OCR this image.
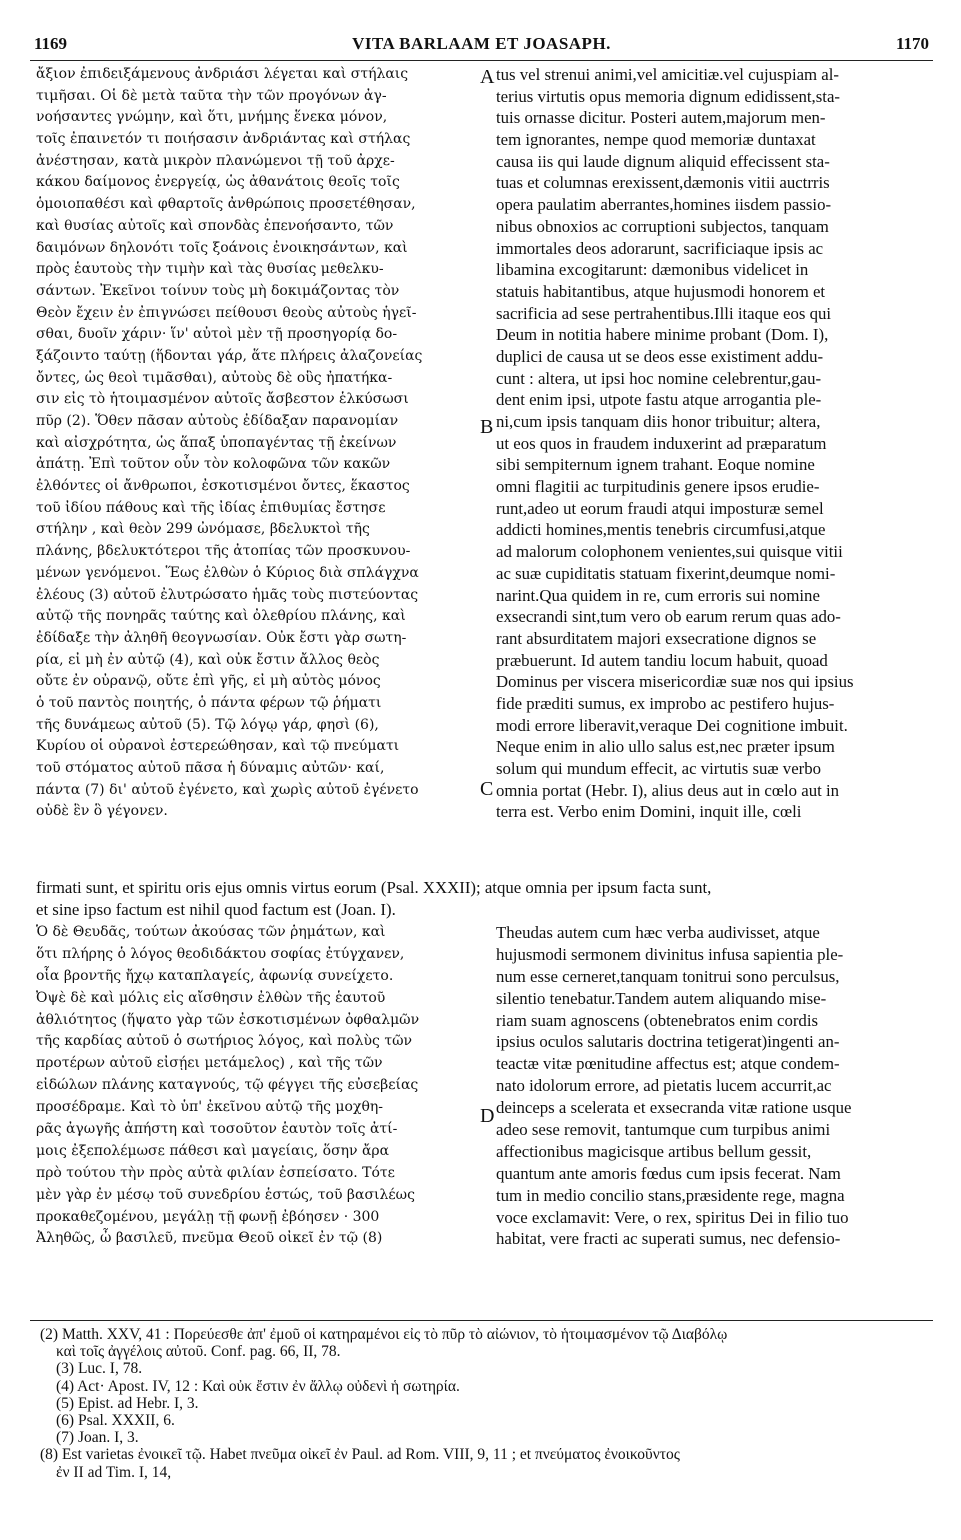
1169	VITA BARLAAM ET JOASAPH.	1170
ἄξιον ἐπιδειξάμενους ἀνδριάσι λέγεται καὶ στήλαις
τιμῆσαι. Οἱ δὲ μετὰ ταῦτα τὴν τῶν προγόνων ἀγ-
νοήσαντες γνώμην, καὶ ὅτι, μνήμης ἕνεκα μόνον,
τοῖς ἐπαινετόν τι ποιήσασιν ἀνδριάντας καὶ στήλας
ἀνέστησαν, κατὰ μικρὸν πλανώμενοι τῇ τοῦ ἀρχε-
κάκου δαίμονος ἐνεργείᾳ, ὡς ἀθανάτοις θεοῖς τοῖς
ὁμοιοπαθέσι καὶ φθαρτοῖς ἀνθρώποις προσετέθησαν,
καὶ θυσίας αὐτοῖς καὶ σπονδὰς ἐπενοήσαντο, τῶν
δαιμόνων δηλονότι τοῖς ξοάνοις ἐνοικησάντων, καὶ
πρὸς ἑαυτοὺς τὴν τιμὴν καὶ τὰς θυσίας μεθελκυ-
σάντων. Ἐκεῖνοι τοίνυν τοὺς μὴ δοκιμάζοντας τὸν
Θεὸν ἔχειν ἐν ἐπιγνώσει πείθουσι θεοὺς αὐτοὺς ἡγεῖ-
σθαι, δυοῖν χάριν· ἵν' αὐτοὶ μὲν τῇ προσηγορίᾳ δο-
ξάζοιντο ταύτῃ (ἥδονται γάρ, ἅτε πλήρεις ἀλαζονείας
ὄντες, ὡς θεοὶ τιμᾶσθαι), αὐτοὺς δὲ οὓς ἠπατήκα-
σιν εἰς τὸ ἡτοιμασμένον αὐτοῖς ἄσβεστον ἑλκύσωσι
πῦρ (2). Ὅθεν πᾶσαν αὐτοὺς ἐδίδαξαν παρανομίαν
καὶ αἰσχρότητα, ὡς ἅπαξ ὑποπαγέντας τῇ ἐκείνων
ἀπάτῃ. Ἐπὶ τοῦτον οὖν τὸν κολοφῶνα τῶν κακῶν
ἐλθόντες οἱ ἄνθρωποι, ἐσκοτισμένοι ὄντες, ἕκαστος
τοῦ ἰδίου πάθους καὶ τῆς ἰδίας ἐπιθυμίας ἔστησε
στήλην , καὶ θεὸν 299 ὠνόμασε, βδελυκτοὶ τῆς
πλάνης, βδελυκτότεροι τῆς ἀτοπίας τῶν προσκυνου-
μένων γενόμενοι. Ἕως ἐλθὼν ὁ Κύριος διὰ σπλάγχνα
ἐλέους (3) αὐτοῦ ἐλυτρώσατο ἡμᾶς τοὺς πιστεύοντας
αὐτῷ τῆς πονηρᾶς ταύτης καὶ ὀλεθρίου πλάνης, καὶ
ἐδίδαξε τὴν ἀληθῆ θεογνωσίαν. Οὐκ ἔστι γὰρ σωτη-
ρία, εἰ μὴ ἐν αὐτῷ (4), καὶ οὐκ ἔστιν ἄλλος θεὸς
οὔτε ἐν οὐρανῷ, οὔτε ἐπὶ γῆς, εἰ μὴ αὐτὸς μόνος
ὁ τοῦ παντὸς ποιητής, ὁ πάντα φέρων τῷ ῥήματι
τῆς δυνάμεως αὐτοῦ (5). Τῷ λόγῳ γάρ, φησὶ (6),
Κυρίου οἱ οὐρανοὶ ἐστερεώθησαν, καὶ τῷ πνεύματι
τοῦ στόματος αὐτοῦ πᾶσα ἡ δύναμις αὐτῶν· καί,
πάντα (7) δι' αὐτοῦ ἐγένετο, καὶ χωρὶς αὐτοῦ ἐγένετο
οὐδὲ ἓν ὃ γέγονεν.
tus vel strenui animi,vel amicitiæ.vel cujuspiam al-
terius virtutis opus memoria dignum edidissent,sta-
tuis ornasse dicitur. Posteri autem,majorum men-
tem ignorantes, nempe quod memoriæ duntaxat
causa iis qui laude dignum aliquid effecissent sta-
tuas et columnas erexissent,dæmonis vitii auctrris
opera paulatim aberrantes,homines iisdem passio-
nibus obnoxios ac corruptioni subjectos, tanquam
immortales deos adorarunt, sacrificiaque ipsis ac
libamina excogitarunt: dæmonibus videlicet in
statuis habitantibus, atque hujusmodi honorem et
sacrificia ad sese pertrahentibus.Illi itaque eos qui
Deum in notitia habere minime probant (Dom. I),
duplici de causa ut se deos esse existiment addu-
cunt : altera, ut ipsi hoc nomine celebrentur,gau-
dent enim ipsi, utpote fastu atque arrogantia ple-
ni,cum ipsis tanquam diis honor tribuitur; altera,
ut eos quos in fraudem induxerint ad præparatum
sibi sempiternum ignem trahant. Eoque nomine
omni flagitii ac turpitudinis genere ipsos erudie-
runt,adeo ut eorum fraudi atqui imposturæ semel
addicti homines,mentis tenebris circumfusi,atque
ad malorum colophonem venientes,sui quisque vitii
ac suæ cupiditatis statuam fixerint,deumque nomi-
narint.Qua quidem in re, cum erroris sui nomine
exsecrandi sint,tum vero ob earum rerum quas ado-
rant absurditatem majori exsecratione dignos se
præbuerunt. Id autem tandiu locum habuit, quoad
Dominus per viscera misericordiæ suæ nos qui ipsius
fide præditi sumus, ex improbo ac pestifero hujus-
modi errore liberavit,veraque Dei cognitione imbuit.
Neque enim in alio ullo salus est,nec præter ipsum
solum qui mundum effecit, ac virtutis suæ verbo
omnia portat (Hebr. I), alius deus aut in cœlo aut in
terra est. Verbo enim Domini, inquit ille, cœli
A
B
C
D
firmati sunt, et spiritu oris ejus omnis virtus eorum (Psal. XXXII); atque omnia per ipsum facta sunt,
et sine ipso factum est nihil quod factum est (Joan. I).
Ὁ δὲ Θευδᾶς, τούτων ἀκούσας τῶν ῥημάτων, καὶ
ὅτι πλήρης ὁ λόγος θεοδιδάκτου σοφίας ἐτύγχανεν,
οἷα βροντῆς ἤχῳ καταπλαγείς, ἀφωνίᾳ συνείχετο.
Ὀψὲ δὲ καὶ μόλις εἰς αἴσθησιν ἐλθὼν τῆς ἑαυτοῦ
ἀθλιότητος (ἥψατο γὰρ τῶν ἐσκοτισμένων ὀφθαλμῶν
τῆς καρδίας αὐτοῦ ὁ σωτήριος λόγος, καὶ πολὺς τῶν
προτέρων αὐτοῦ εἰσῄει μετάμελος) , καὶ τῆς τῶν
εἰδώλων πλάνης καταγνούς, τῷ φέγγει τῆς εὐσεβείας
προσέδραμε. Καὶ τὸ ὑπ' ἐκεῖνου αὐτῷ τῆς μοχθη-
ρᾶς ἀγωγῆς ἀπήστη καὶ τοσοῦτον ἑαυτὸν τοῖς ἀτί-
μοις ἐξεπολέμωσε πάθεσι καὶ μαγείαις, ὅσην ἄρα
πρὸ τούτου τὴν πρὸς αὐτὰ φιλίαν ἐσπείσατο. Τότε
μὲν γὰρ ἐν μέσῳ τοῦ συνεδρίου ἑστώς, τοῦ βασιλέως
προκαθεζομένου, μεγάλῃ τῇ φωνῇ ἐβόησεν · 300
Ἀληθῶς, ὦ βασιλεῦ, πνεῦμα Θεοῦ οἰκεῖ ἐν τῷ (8)
Theudas autem cum hæc verba audivisset, atque
hujusmodi sermonem divinitus infusa sapientia ple-
num esse cerneret,tanquam tonitrui sono perculsus,
silentio tenebatur.Tandem autem aliquando mise-
riam suam agnoscens (obtenebratos enim cordis
ipsius oculos salutaris doctrina tetigerat)ingenti an-
teactæ vitæ pœnitudine affectus est; atque condem-
nato idolorum errore, ad pietatis lucem accurrit,ac
deinceps a scelerata et exsecranda vitæ ratione usque
adeo sese removit, tantumque cum turpibus animi
affectionibus magicisque artibus bellum gessit,
quantum ante amoris fœdus cum ipsis fecerat. Nam
tum in medio concilio stans,præsidente rege, magna
voce exclamavit: Vere, o rex, spiritus Dei in filio tuo
habitat, vere fracti ac superati sumus, nec defensio-
(2) Matth. XXV, 41 : Πορεύεσθε ἀπ' ἐμοῦ οἱ κατηραμένοι εἰς τὸ πῦρ τὸ αἰώνιον, τὸ ἡτοιμασμένον τῷ Διαβόλῳ
καὶ τοῖς ἀγγέλοις αὐτοῦ. Conf. pag. 66, II, 78.
(3) Luc. I, 78.
(4) Act· Apost. IV, 12 : Καὶ οὐκ ἔστιν ἐν ἄλλῳ οὐδενὶ ἡ σωτηρία.
(5) Epist. ad Hebr. I, 3.
(6) Psal. XXXII, 6.
(7) Joan. I, 3.
(8) Est varietas ἐνοικεῖ τῷ. Habet πνεῦμα οἰκεῖ ἐν Paul. ad Rom. VIII, 9, 11 ; et πνεύματος ἐνοικοῦντος
ἐν II ad Tim. I, 14,
